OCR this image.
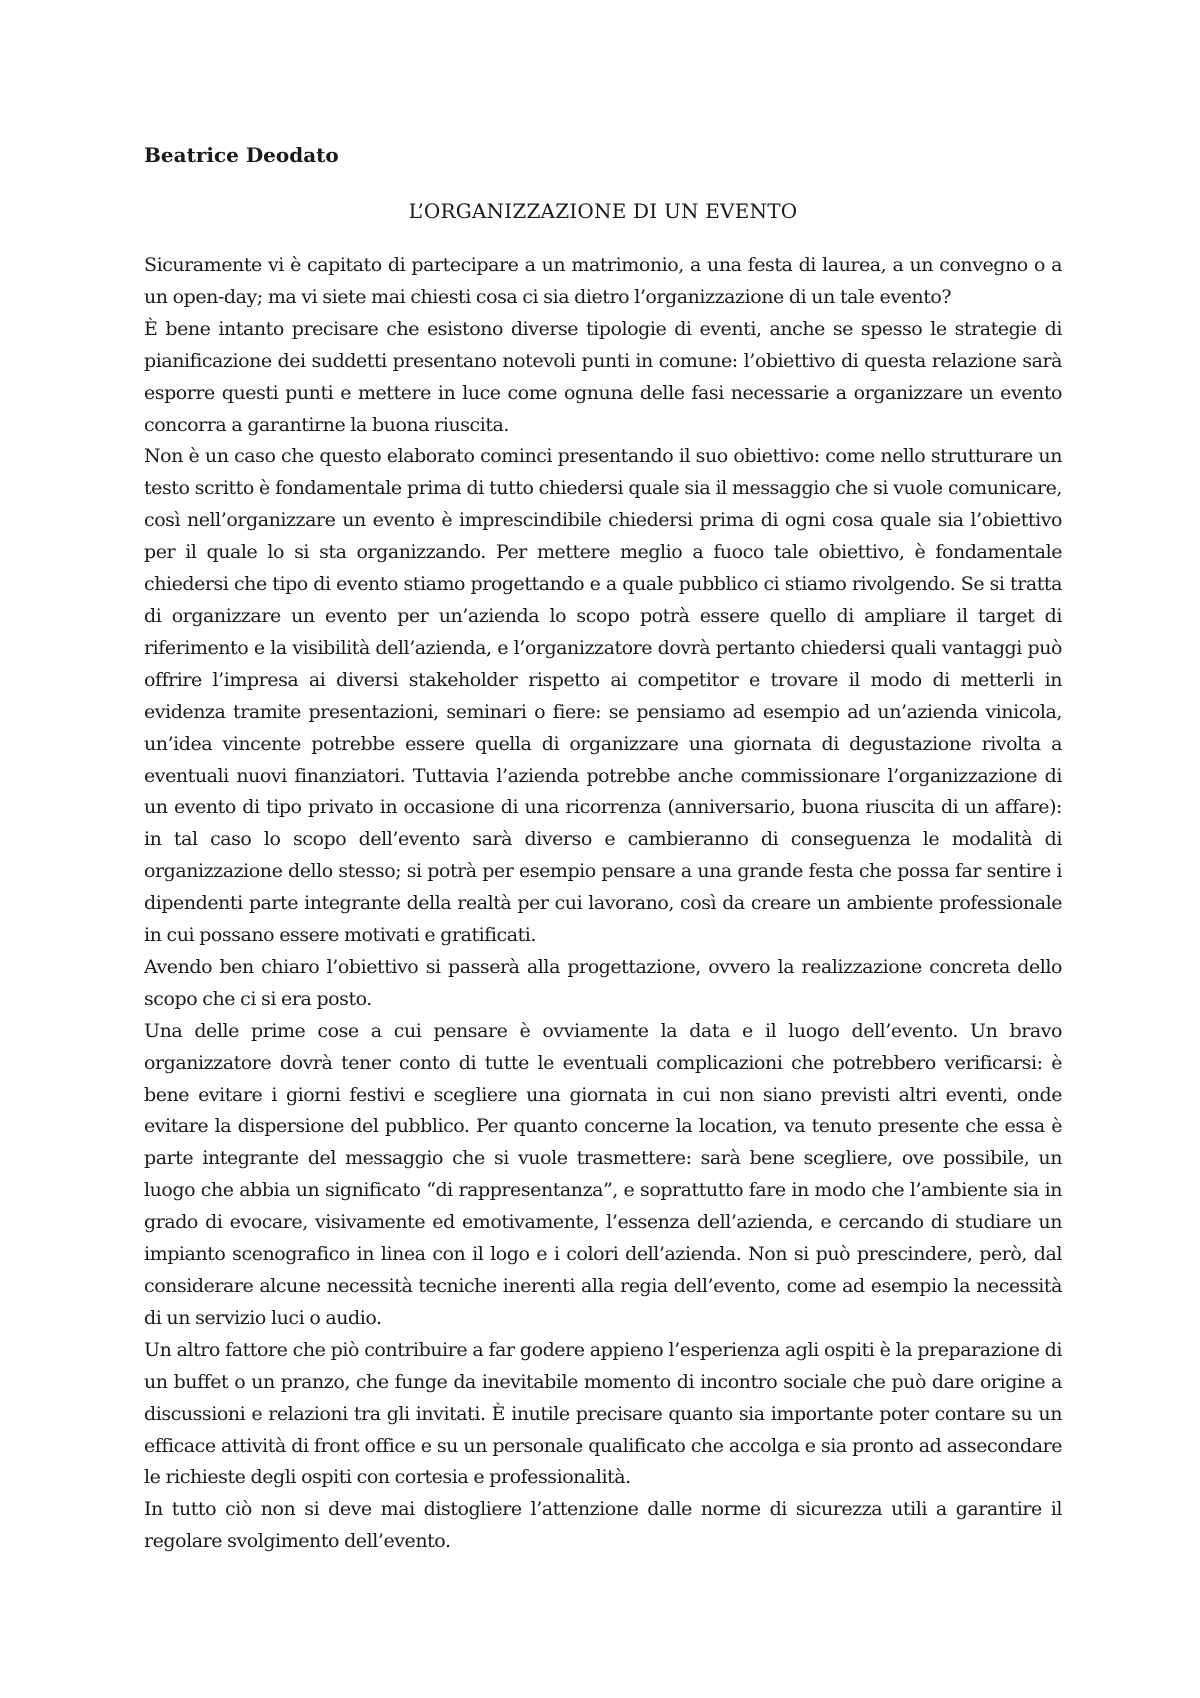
Beatrice Deodato
L’ORGANIZZAZIONE DI UN EVENTO

Sicuramente vi è capitato di partecipare a un matrimonio, a una festa di laurea, a un convegno o a un open-day; ma vi siete mai chiesti cosa ci sia dietro l’organizzazione di un tale evento?

È bene intanto precisare che esistono diverse tipologie di eventi, anche se spesso le strategie di pianificazione dei suddetti presentano notevoli punti in comune: l’obiettivo di questa relazione sarà esporre questi punti e mettere in luce come ognuna delle fasi necessarie a organizzare un evento concorra a garantirne la buona riuscita.

Non è un caso che questo elaborato cominci presentando il suo obiettivo: come nello strutturare un testo scritto è fondamentale prima di tutto chiedersi quale sia il messaggio che si vuole comunicare, così nell’organizzare un evento è imprescindibile chiedersi prima di ogni cosa quale sia l’obiettivo per il quale lo si sta organizzando. Per mettere meglio a fuoco tale obiettivo, è fondamentale chiedersi che tipo di evento stiamo progettando e a quale pubblico ci stiamo rivolgendo. Se si tratta di organizzare un evento per un’azienda lo scopo potrà essere quello di ampliare il target di riferimento e la visibilità dell’azienda, e l’organizzatore dovrà pertanto chiedersi quali vantaggi può offrire l’impresa ai diversi stakeholder rispetto ai competitor e trovare il modo di metterli in evidenza tramite presentazioni, seminari o fiere: se pensiamo ad esempio ad un’azienda vinicola, un’idea vincente potrebbe essere quella di organizzare una giornata di degustazione rivolta a eventuali nuovi finanziatori. Tuttavia l’azienda potrebbe anche commissionare l’organizzazione di un evento di tipo privato in occasione di una ricorrenza (anniversario, buona riuscita di un affare): in tal caso lo scopo dell’evento sarà diverso e cambieranno di conseguenza le modalità di organizzazione dello stesso; si potrà per esempio pensare a una grande festa che possa far sentire i dipendenti parte integrante della realtà per cui lavorano, così da creare un ambiente professionale in cui possano essere motivati e gratificati.

Avendo ben chiaro l’obiettivo si passerà alla progettazione, ovvero la realizzazione concreta dello scopo che ci si era posto.

Una delle prime cose a cui pensare è ovviamente la data e il luogo dell’evento. Un bravo organizzatore dovrà tener conto di tutte le eventuali complicazioni che potrebbero verificarsi: è bene evitare i giorni festivi e scegliere una giornata in cui non siano previsti altri eventi, onde evitare la dispersione del pubblico. Per quanto concerne la location, va tenuto presente che essa è parte integrante del messaggio che si vuole trasmettere: sarà bene scegliere, ove possibile, un luogo che abbia un significato “di rappresentanza”, e soprattutto fare in modo che l’ambiente sia in grado di evocare, visivamente ed emotivamente, l’essenza dell’azienda, e cercando di studiare un impianto scenografico in linea con il logo e i colori dell’azienda. Non si può prescindere, però, dal considerare alcune necessità tecniche inerenti alla regia dell’evento, come ad esempio la necessità di un servizio luci o audio.

Un altro fattore che piò contribuire a far godere appieno l’esperienza agli ospiti è la preparazione di un buffet o un pranzo, che funge da inevitabile momento di incontro sociale che può dare origine a discussioni e relazioni tra gli invitati. È inutile precisare quanto sia importante poter contare su un efficace attività di front office e su un personale qualificato che accolga e sia pronto ad assecondare le richieste degli ospiti con cortesia e professionalità.

In tutto ciò non si deve mai distogliere l’attenzione dalle norme di sicurezza utili a garantire il regolare svolgimento dell’evento.
